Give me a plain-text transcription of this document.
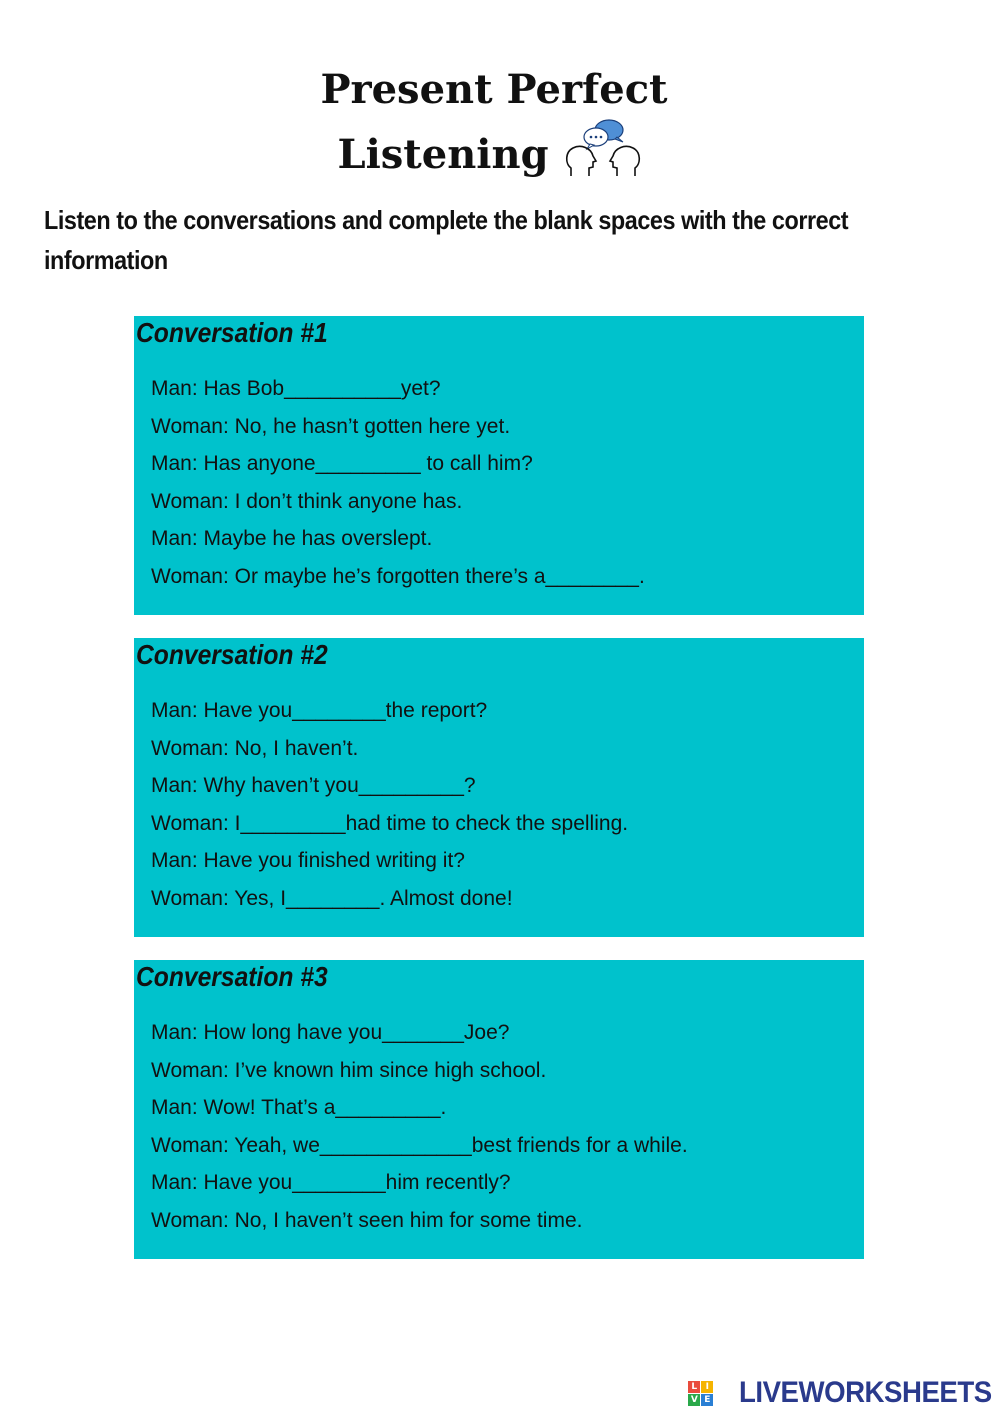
Present Perfect
Listening
Listen to the conversations and complete the blank spaces with the correct information
Conversation #1
Man: Has Bob__________yet?
Woman: No, he hasn’t gotten here yet.
Man: Has anyone_________ to call him?
Woman: I don’t think anyone has.
Man: Maybe he has overslept.
Woman: Or maybe he’s forgotten there’s a________.
Conversation #2
Man: Have you________the report?
Woman: No, I haven’t.
Man: Why haven’t you_________?
Woman: I_________had time to check the spelling.
Man: Have you finished writing it?
Woman: Yes, I________. Almost done!
Conversation #3
Man: How long have you_______Joe?
Woman: I’ve known him since high school.
Man: Wow! That’s a_________.
Woman: Yeah, we_____________best friends for a while.
Man: Have you________him recently?
Woman: No, I haven’t seen him for some time.
L I
V E LIVEWORKSHEETS
